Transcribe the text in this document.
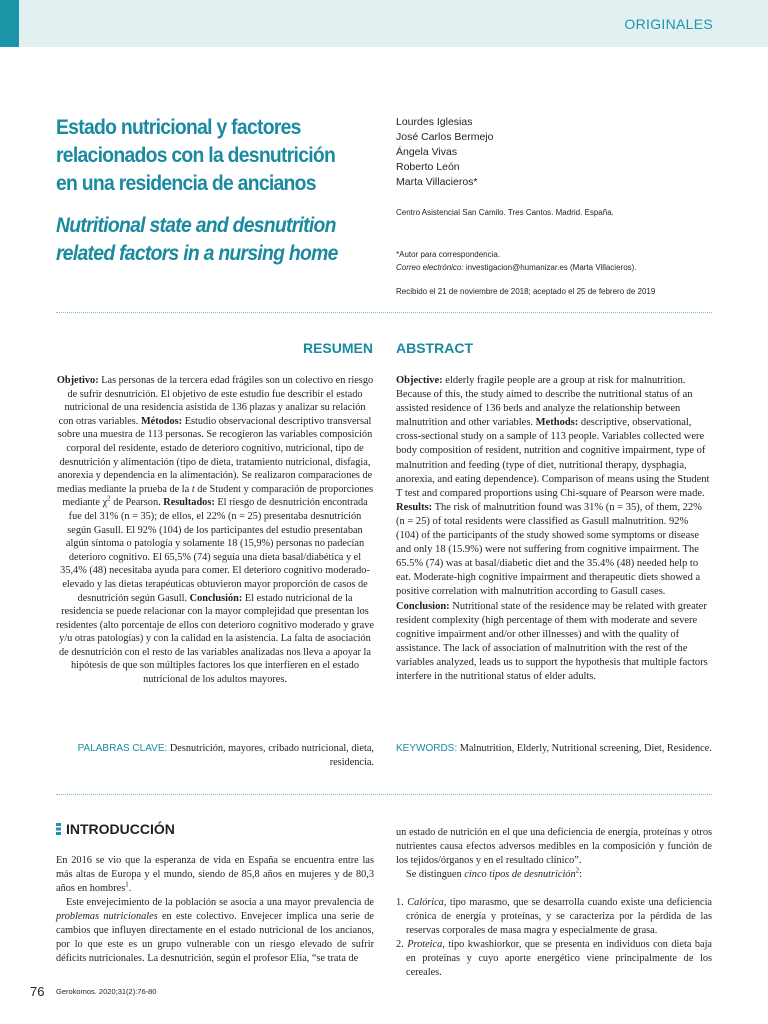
ORIGINALES
Estado nutricional y factores relacionados con la desnutrición en una residencia de ancianos
Nutritional state and desnutrition related factors in a nursing home
Lourdes Iglesias
José Carlos Bermejo
Ángela Vivas
Roberto León
Marta Villacieros*
Centro Asistencial San Camilo. Tres Cantos. Madrid. España.
*Autor para correspondencia.
Correo electrónico: investigacion@humanizar.es (Marta Villacieros).
Recibido el 21 de noviembre de 2018; aceptado el 25 de febrero de 2019
RESUMEN ABSTRACT
Objetivo: Las personas de la tercera edad frágiles son un colectivo en riesgo de sufrir desnutrición. El objetivo de este estudio fue describir el estado nutricional de una residencia asistida de 136 plazas y analizar su relación con otras variables. Métodos: Estudio observacional descriptivo transversal sobre una muestra de 113 personas. Se recogieron las variables composición corporal del residente, estado de deterioro cognitivo, nutricional, tipo de desnutrición y alimentación (tipo de dieta, tratamiento nutricional, disfagia, anorexia y dependencia en la alimentación). Se realizaron comparaciones de medias mediante la prueba de la t de Student y comparación de proporciones mediante $\chi^2$ de Pearson. Resultados: El riesgo de desnutrición encontrada fue del 31% (n = 35); de ellos, el 22% (n = 25) presentaba desnutrición según Gasull. El 92% (104) de los participantes del estudio presentaban algún síntoma o patología y solamente 18 (15,9%) personas no padecían deterioro cognitivo. El 65,5% (74) seguía una dieta basal/diabética y el 35,4% (48) necesitaba ayuda para comer. El deterioro cognitivo moderado-elevado y las dietas terapéuticas obtuvieron mayor proporción de casos de desnutrición según Gasull. Conclusión: El estado nutricional de la residencia se puede relacionar con la mayor complejidad que presentan los residentes (alto porcentaje de ellos con deterioro cognitivo moderado y grave y/u otras patologías) y con la calidad en la asistencia. La falta de asociación de desnutrición con el resto de las variables analizadas nos lleva a apoyar la hipótesis de que son múltiples factores los que interfieren en el estado nutricional de los adultos mayores.
Objective: elderly fragile people are a group at risk for malnutrition. Because of this, the study aimed to describe the nutritional status of an assisted residence of 136 beds and analyze the relationship between malnutrition and other variables. Methods: descriptive, observational, cross-sectional study on a sample of 113 people. Variables collected were body composition of resident, nutrition and cognitive impairment, type of malnutrition and feeding (type of diet, nutritional therapy, dysphagia, anorexia, and eating dependence). Comparison of means using the Student T test and compared proportions using Chi-square of Pearson were made. Results: The risk of malnutrition found was 31% (n = 35), of them, 22% (n = 25) of total residents were classified as Gasull malnutrition. 92% (104) of the participants of the study showed some symptoms or disease and only 18 (15.9%) were not suffering from cognitive impairment. The 65.5% (74) was at basal/diabetic diet and the 35.4% (48) needed help to eat. Moderate-high cognitive impairment and therapeutic diets showed a positive correlation with malnutrition according to Gasull cases. Conclusion: Nutritional state of the residence may be related with greater resident complexity (high percentage of them with moderate and severe cognitive impairment and/or other illnesses) and with the quality of assistance. The lack of association of malnutrition with the rest of the variables analyzed, leads us to support the hypothesis that multiple factors interfere in the nutritional status of elder adults.
PALABRAS CLAVE: Desnutrición, mayores, cribado nutricional, dieta, residencia.
KEYWORDS: Malnutrition, Elderly, Nutritional screening, Diet, Residence.
INTRODUCCIÓN

En 2016 se vio que la esperanza de vida en España se encuentra entre las más altas de Europa y el mundo, siendo de 85,8 años en mujeres y de 80,3 años en hombres$^1$.

Este envejecimiento de la población se asocia a una mayor prevalencia de problemas nutricionales en este colectivo. Envejecer implica una serie de cambios que influyen directamente en el estado nutricional de los ancianos, por lo que este es un grupo vulnerable con un riesgo elevado de sufrir déficits nutricionales. La desnutrición, según el profesor Elia, “se trata de

un estado de nutrición en el que una deficiencia de energía, proteínas y otros nutrientes causa efectos adversos medibles en la composición y función de los tejidos/órganos y en el resultado clínico”.

Se distinguen cinco tipos de desnutrición$^2$:

1. Calórica, tipo marasmo, que se desarrolla cuando existe una deficiencia crónica de energía y proteínas, y se caracteriza por la pérdida de las reservas corporales de masa magra y especialmente de grasa.
2. Proteica, tipo kwashiorkor, que se presenta en individuos con dieta baja en proteínas y cuyo aporte energético viene principalmente de los cereales.
76 Gerokomos. 2020;31(2):76-80
